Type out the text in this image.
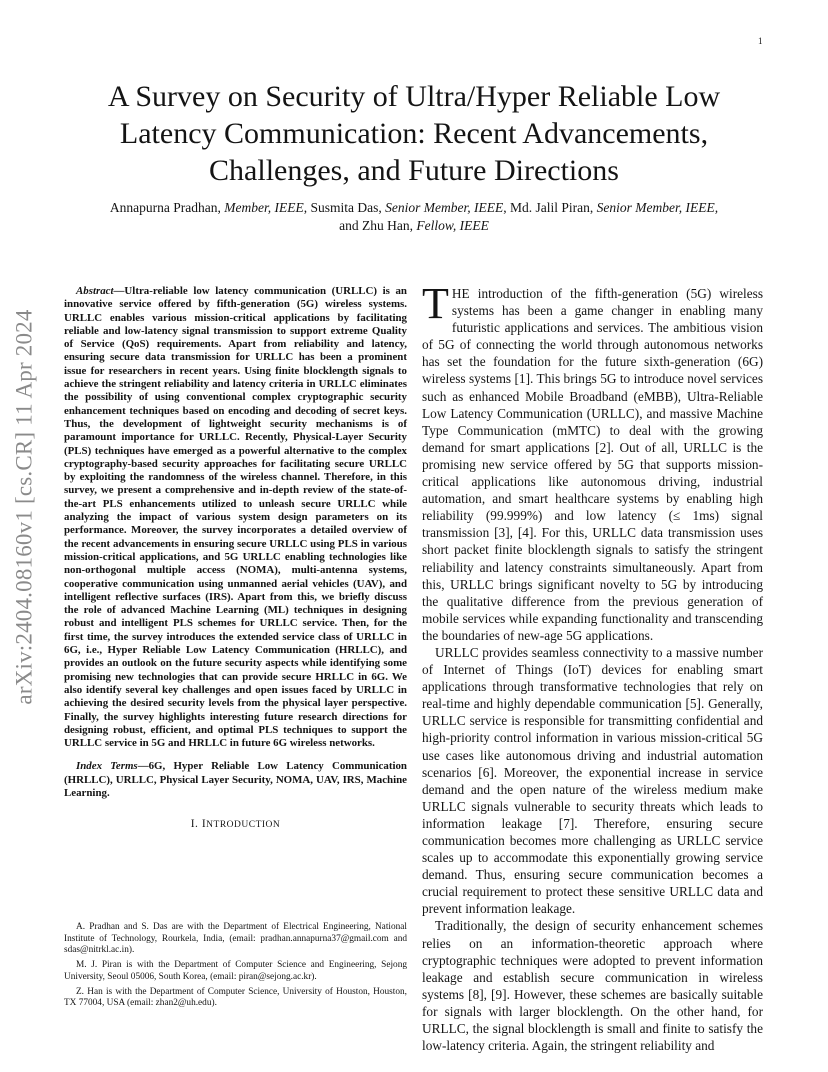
1
arXiv:2404.08160v1 [cs.CR] 11 Apr 2024
A Survey on Security of Ultra/Hyper Reliable Low Latency Communication: Recent Advancements, Challenges, and Future Directions
Annapurna Pradhan, Member, IEEE, Susmita Das, Senior Member, IEEE, Md. Jalil Piran, Senior Member, IEEE,
and Zhu Han, Fellow, IEEE

Abstract—Ultra-reliable low latency communication (URLLC) is an innovative service offered by fifth-generation (5G) wireless systems. URLLC enables various mission-critical applications by facilitating reliable and low-latency signal transmission to support extreme Quality of Service (QoS) requirements. Apart from reliability and latency, ensuring secure data transmission for URLLC has been a prominent issue for researchers in recent years. Using finite blocklength signals to achieve the stringent reliability and latency criteria in URLLC eliminates the possibility of using conventional complex cryptographic security enhancement techniques based on encoding and decoding of secret keys. Thus, the development of lightweight security mechanisms is of paramount importance for URLLC. Recently, Physical-Layer Security (PLS) techniques have emerged as a powerful alternative to the complex cryptography-based security approaches for facilitating secure URLLC by exploiting the randomness of the wireless channel. Therefore, in this survey, we present a comprehensive and in-depth review of the state-of-the-art PLS enhancements utilized to unleash secure URLLC while analyzing the impact of various system design parameters on its performance. Moreover, the survey incorporates a detailed overview of the recent advancements in ensuring secure URLLC using PLS in various mission-critical applications, and 5G URLLC enabling technologies like non-orthogonal multiple access (NOMA), multi-antenna systems, cooperative communication using unmanned aerial vehicles (UAV), and intelligent reflective surfaces (IRS). Apart from this, we briefly discuss the role of advanced Machine Learning (ML) techniques in designing robust and intelligent PLS schemes for URLLC service. Then, for the first time, the survey introduces the extended service class of URLLC in 6G, i.e., Hyper Reliable Low Latency Communication (HRLLC), and provides an outlook on the future security aspects while identifying some promising new technologies that can provide secure HRLLC in 6G. We also identify several key challenges and open issues faced by URLLC in achieving the desired security levels from the physical layer perspective. Finally, the survey highlights interesting future research directions for designing robust, efficient, and optimal PLS techniques to support the URLLC service in 5G and HRLLC in future 6G wireless networks.

Index Terms—6G, Hyper Reliable Low Latency Communication (HRLLC), URLLC, Physical Layer Security, NOMA, UAV, IRS, Machine Learning.

I. INTRODUCTION

A. Pradhan and S. Das are with the Department of Electrical Engineering, National Institute of Technology, Rourkela, India, (email: pradhan.annapurna37@gmail.com and sdas@nitrkl.ac.in).

M. J. Piran is with the Department of Computer Science and Engineering, Sejong University, Seoul 05006, South Korea, (email: piran@sejong.ac.kr).

Z. Han is with the Department of Computer Science, University of Houston, Houston, TX 77004, USA (email: zhan2@uh.edu).

THE introduction of the fifth-generation (5G) wireless systems has been a game changer in enabling many futuristic applications and services. The ambitious vision of 5G of connecting the world through autonomous networks has set the foundation for the future sixth-generation (6G) wireless systems [1]. This brings 5G to introduce novel services such as enhanced Mobile Broadband (eMBB), Ultra-Reliable Low Latency Communication (URLLC), and massive Machine Type Communication (mMTC) to deal with the growing demand for smart applications [2]. Out of all, URLLC is the promising new service offered by 5G that supports mission-critical applications like autonomous driving, industrial automation, and smart healthcare systems by enabling high reliability (99.999%) and low latency (≤ 1ms) signal transmission [3], [4]. For this, URLLC data transmission uses short packet finite blocklength signals to satisfy the stringent reliability and latency constraints simultaneously. Apart from this, URLLC brings significant novelty to 5G by introducing the qualitative difference from the previous generation of mobile services while expanding functionality and transcending the boundaries of new-age 5G applications.

URLLC provides seamless connectivity to a massive number of Internet of Things (IoT) devices for enabling smart applications through transformative technologies that rely on real-time and highly dependable communication [5]. Generally, URLLC service is responsible for transmitting confidential and high-priority control information in various mission-critical 5G use cases like autonomous driving and industrial automation scenarios [6]. Moreover, the exponential increase in service demand and the open nature of the wireless medium make URLLC signals vulnerable to security threats which leads to information leakage [7]. Therefore, ensuring secure communication becomes more challenging as URLLC service scales up to accommodate this exponentially growing service demand. Thus, ensuring secure communication becomes a crucial requirement to protect these sensitive URLLC data and prevent information leakage.

Traditionally, the design of security enhancement schemes relies on an information-theoretic approach where cryptographic techniques were adopted to prevent information leakage and establish secure communication in wireless systems [8], [9]. However, these schemes are basically suitable for signals with larger blocklength. On the other hand, for URLLC, the signal blocklength is small and finite to satisfy the low-latency criteria. Again, the stringent reliability and
